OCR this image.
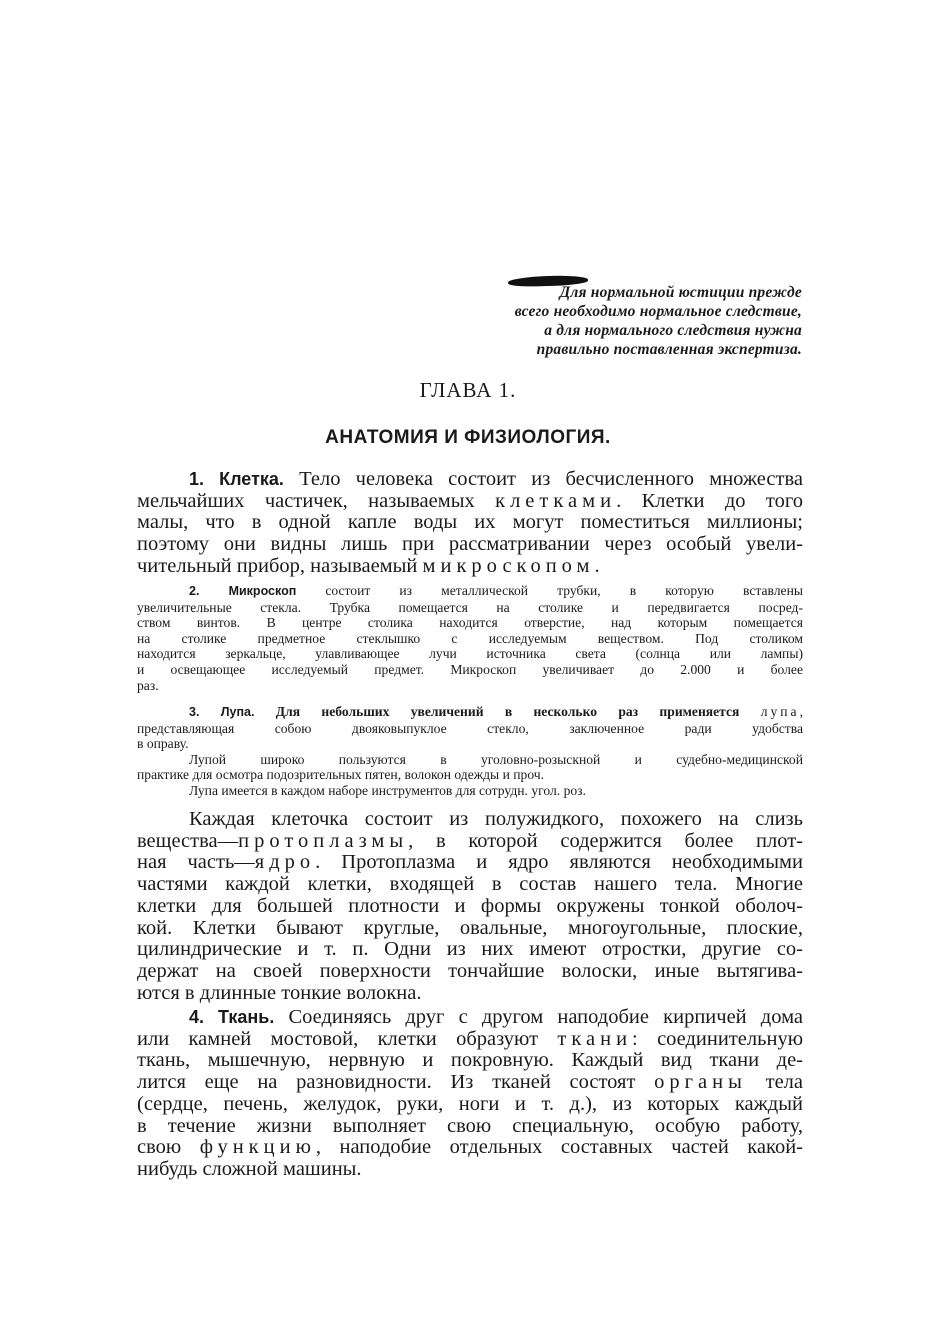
Для нормальной юстиции прежде
всего необходимо нормальное следствие,
а для нормального следствия нужна
правильно поставленная экспертиза.
ГЛАВА 1.
АНАТОМИЯ И ФИЗИОЛОГИЯ.
1. Клетка. Тело человека состоит из бесчисленного множества
мельчайших частичек, называемых клетками. Клетки до того
малы, что в одной капле воды их могут поместиться миллионы;
поэтому они видны лишь при рассматривании через особый увели-
чительный прибор, называемый микроскопом.
2. Микроскоп состоит из металлической трубки, в которую вставлены
увеличительные стекла. Трубка помещается на столике и передвигается посред-
ством винтов. В центре столика находится отверстие, над которым помещается
на столике предметное стеклышко с исследуемым веществом. Под столиком
находится зеркальце, улавливающее лучи источника света (солнца или лампы)
и освещающее исследуемый предмет. Микроскоп увеличивает до 2.000 и более
раз.
3. Лупа. Для небольших увеличений в несколько раз применяется лупа,
представляющая собою двояковыпуклое стекло, заключенное ради удобства
в оправу.
Лупой широко пользуются в уголовно-розыскной и судебно-медицинской
практике для осмотра подозрительных пятен, волокон одежды и проч.
Лупа имеется в каждом наборе инструментов для сотрудн. угол. роз.
Каждая клеточка состоит из полужидкого, похожего на слизь
вещества—протоплазмы, в которой содержится более плот-
ная часть—ядро. Протоплазма и ядро являются необходимыми
частями каждой клетки, входящей в состав нашего тела. Многие
клетки для большей плотности и формы окружены тонкой оболоч-
кой. Клетки бывают круглые, овальные, многоугольные, плоские,
цилиндрические и т. п. Одни из них имеют отростки, другие со-
держат на своей поверхности тончайшие волоски, иные вытягива-
ются в длинные тонкие волокна.
4. Ткань. Соединяясь друг с другом наподобие кирпичей дома
или камней мостовой, клетки образуют ткани: соединительную
ткань, мышечную, нервную и покровную. Каждый вид ткани де-
лится еще на разновидности. Из тканей состоят органы тела
(сердце, печень, желудок, руки, ноги и т. д.), из которых каждый
в течение жизни выполняет свою специальную, особую работу,
свою функцию, наподобие отдельных составных частей какой-
нибудь сложной машины.
